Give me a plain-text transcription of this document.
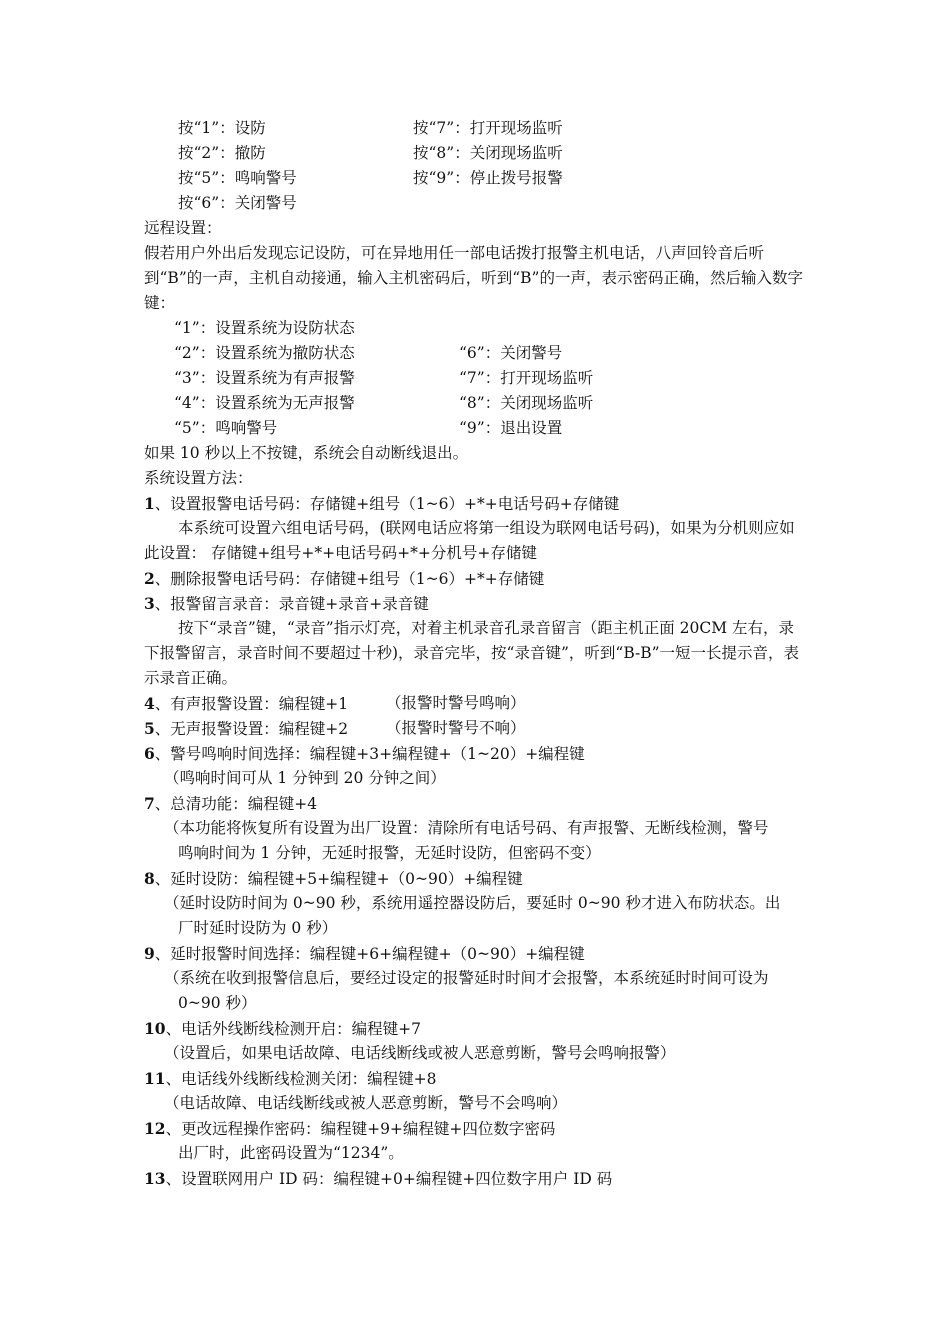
按“1”：设防	按“7”：打开现场监听
按“2”：撤防	按“8”：关闭现场监听
按“5”：鸣响警号	按“9”：停止拨号报警
按“6”：关闭警号
远程设置：
假若用户外出后发现忘记设防，可在异地用任一部电话拨打报警主机电话，八声回铃音后听到“B”的一声，主机自动接通，输入主机密码后，听到“B”的一声，表示密码正确，然后输入数字键：
“1”：设置系统为设防状态
“2”：设置系统为撤防状态	“6”：关闭警号
“3”：设置系统为有声报警	“7”：打开现场监听
“4”：设置系统为无声报警	“8”：关闭现场监听
“5”：鸣响警号	“9”：退出设置
如果 10 秒以上不按键，系统会自动断线退出。
系统设置方法：
1、设置报警电话号码：存储键+组号（1~6）+*+电话号码+存储键
本系统可设置六组电话号码，(联网电话应将第一组设为联网电话号码)，如果为分机则应如此设置： 存储键+组号+*+电话号码+*+分机号+存储键
2、删除报警电话号码：存储键+组号（1~6）+*+存储键
3、报警留言录音：录音键+录音+录音键
按下“录音”键，“录音”指示灯亮，对着主机录音孔录音留言（距主机正面 20CM 左右，录下报警留言，录音时间不要超过十秒)，录音完毕，按“录音键”，听到“B-B”一短一长提示音，表示录音正确。
4、有声报警设置：编程键+1 （报警时警号鸣响）
5、无声报警设置：编程键+2 （报警时警号不响）
6、警号鸣响时间选择：编程键+3+编程键+（1~20）+编程键
（鸣响时间可从 1 分钟到 20 分钟之间）
7、总清功能：编程键+4
（本功能将恢复所有设置为出厂设置：清除所有电话号码、有声报警、无断线检测，警号
鸣响时间为 1 分钟，无延时报警，无延时设防，但密码不变）
8、延时设防：编程键+5+编程键+（0~90）+编程键
（延时设防时间为 0~90 秒，系统用遥控器设防后，要延时 0~90 秒才进入布防状态。出
厂时延时设防为 0 秒）
9、延时报警时间选择：编程键+6+编程键+（0~90）+编程键
（系统在收到报警信息后，要经过设定的报警延时时间才会报警，本系统延时时间可设为
0~90 秒）
10、电话外线断线检测开启：编程键+7
（设置后，如果电话故障、电话线断线或被人恶意剪断，警号会鸣响报警）
11、电话线外线断线检测关闭：编程键+8
（电话故障、电话线断线或被人恶意剪断，警号不会鸣响）
12、更改远程操作密码：编程键+9+编程键+四位数字密码
出厂时，此密码设置为“1234”。
13、设置联网用户 ID 码：编程键+0+编程键+四位数字用户 ID 码
